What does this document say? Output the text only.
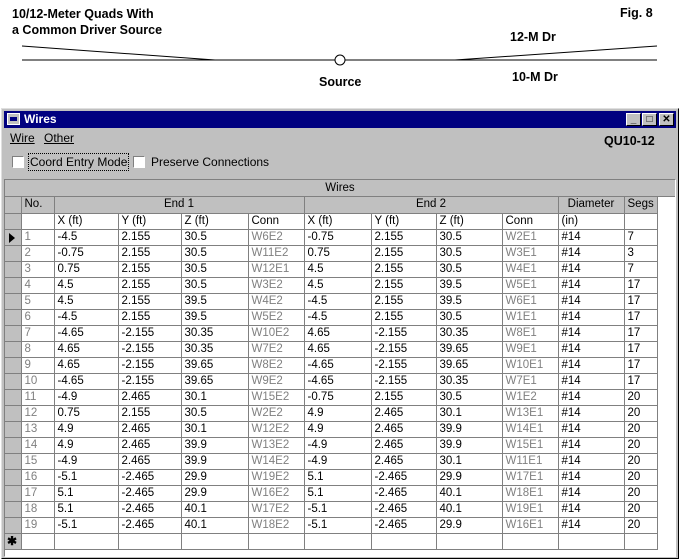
10/12-Meter Quads With
a Common Driver Source
Fig. 8
12-M Dr
10-M Dr
Source
Wires	_	□ ✕
Wire Other	QU10-12
Coord Entry Mode Preserve Connections
Wires
	No.	End 1				End 2				Diameter	Segs
		X (ft)	Y (ft)	Z (ft)	Conn	X (ft)	Y (ft)	Z (ft)	Conn	(in)	

	1	-4.5	2.155	30.5	W6E2	-0.75	2.155	30.5	W2E1	#14	7
	2	-0.75	2.155	30.5	W11E2	0.75	2.155	30.5	W3E1	#14	3
	3	0.75	2.155	30.5	W12E1	4.5	2.155	30.5	W4E1	#14	7
	4	4.5	2.155	30.5	W3E2	4.5	2.155	39.5	W5E1	#14	17
	5	4.5	2.155	39.5	W4E2	-4.5	2.155	39.5	W6E1	#14	17
	6	-4.5	2.155	39.5	W5E2	-4.5	2.155	30.5	W1E1	#14	17
	7	-4.65	-2.155	30.35	W10E2	4.65	-2.155	30.35	W8E1	#14	17
	8	4.65	-2.155	30.35	W7E2	4.65	-2.155	39.65	W9E1	#14	17
	9	4.65	-2.155	39.65	W8E2	-4.65	-2.155	39.65	W10E1	#14	17
	10	-4.65	-2.155	39.65	W9E2	-4.65	-2.155	30.35	W7E1	#14	17
	11	-4.9	2.465	30.1	W15E2	-0.75	2.155	30.5	W1E2	#14	20
	12	0.75	2.155	30.5	W2E2	4.9	2.465	30.1	W13E1	#14	20
	13	4.9	2.465	30.1	W12E2	4.9	2.465	39.9	W14E1	#14	20
	14	4.9	2.465	39.9	W13E2	-4.9	2.465	39.9	W15E1	#14	20
	15	-4.9	2.465	39.9	W14E2	-4.9	2.465	30.1	W11E1	#14	20
	16	-5.1	-2.465	29.9	W19E2	5.1	-2.465	29.9	W17E1	#14	20
	17	5.1	-2.465	29.9	W16E2	5.1	-2.465	40.1	W18E1	#14	20
	18	5.1	-2.465	40.1	W17E2	-5.1	-2.465	40.1	W19E1	#14	20
	19	-5.1	-2.465	40.1	W18E2	-5.1	-2.465	29.9	W16E1	#14	20

✱											
